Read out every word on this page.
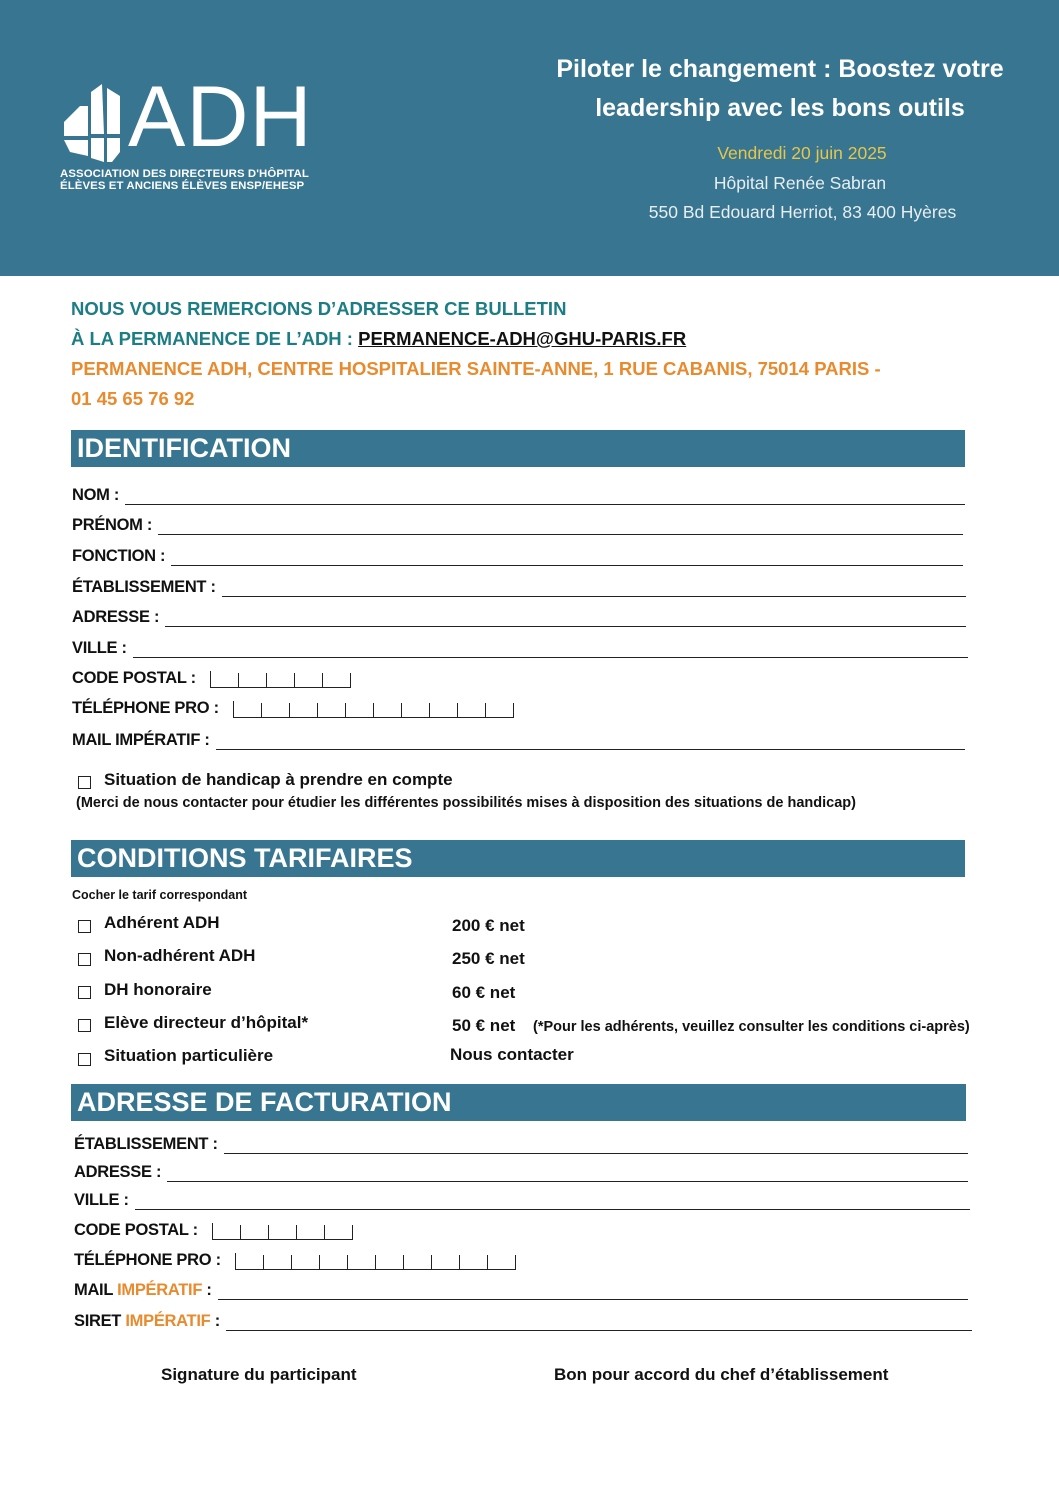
ADH
ASSOCIATION DES DIRECTEURS D'HÔPITAL
ÉLÈVES ET ANCIENS ÉLÈVES ENSP/EHESP
Piloter le changement : Boostez votre
leadership avec les bons outils
Vendredi 20 juin 2025
Hôpital Renée Sabran
550 Bd Edouard Herriot, 83 400 Hyères
NOUS VOUS REMERCIONS D’ADRESSER CE BULLETIN
À LA PERMANENCE DE L’ADH : PERMANENCE-ADH@GHU-PARIS.FR
PERMANENCE ADH, CENTRE HOSPITALIER SAINTE-ANNE, 1 RUE CABANIS, 75014 PARIS -
01 45 65 76 92
IDENTIFICATION
NOM :
PRÉNOM :
FONCTION :
ÉTABLISSEMENT :
ADRESSE :
VILLE :
CODE POSTAL :
TÉLÉPHONE PRO :
MAIL IMPÉRATIF :
Situation de handicap à prendre en compte
(Merci de nous contacter pour étudier les différentes possibilités mises à disposition des situations de handicap)
CONDITIONS TARIFAIRES
Cocher le tarif correspondant
Adhérent ADH	200 € net
Non-adhérent ADH	250 € net
DH honoraire	60 € net
Elève directeur d’hôpital*	50 € net (*Pour les adhérents, veuillez consulter les conditions ci-après)
Situation particulière	Nous contacter
ADRESSE DE FACTURATION
ÉTABLISSEMENT :
ADRESSE :
VILLE :
CODE POSTAL :
TÉLÉPHONE PRO :
MAIL IMPÉRATIF :
SIRET IMPÉRATIF :
Signature du participant	Bon pour accord du chef d’établissement
